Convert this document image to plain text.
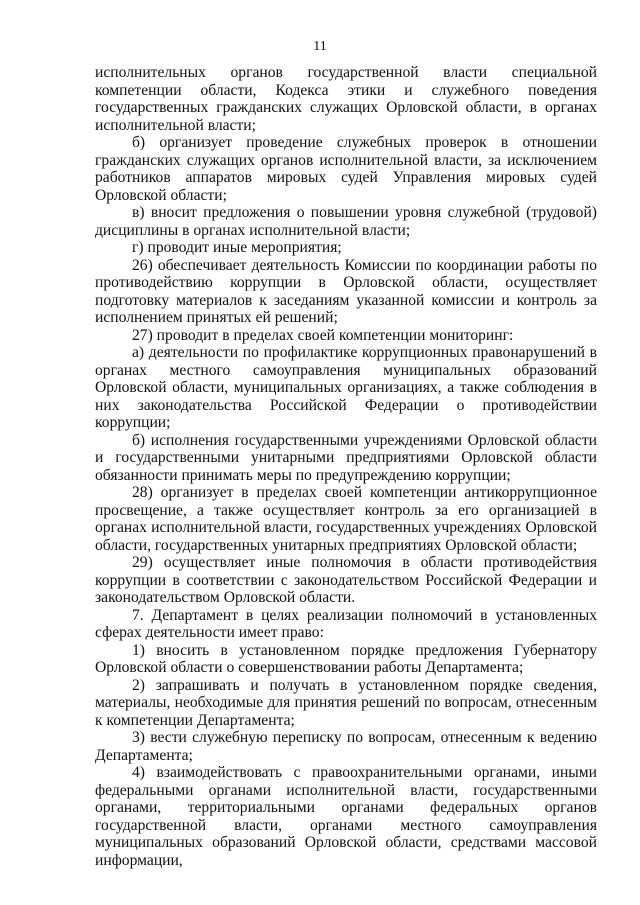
11

исполнительных органов государственной власти специальной компетенции области, Кодекса этики и служебного поведения государственных гражданских служащих Орловской области, в органах исполнительной власти;

б) организует проведение служебных проверок в отношении гражданских служащих органов исполнительной власти, за исключением работников аппаратов мировых судей Управления мировых судей Орловской области;

в) вносит предложения о повышении уровня служебной (трудовой) дисциплины в органах исполнительной власти;

г) проводит иные мероприятия;

26) обеспечивает деятельность Комиссии по координации работы по противодействию коррупции в Орловской области, осуществляет подготовку материалов к заседаниям указанной комиссии и контроль за исполнением принятых ей решений;

27) проводит в пределах своей компетенции мониторинг:

а) деятельности по профилактике коррупционных правонарушений в органах местного самоуправления муниципальных образований Орловской области, муниципальных организациях, а также соблюдения в них законодательства Российской Федерации о противодействии коррупции;

б) исполнения государственными учреждениями Орловской области и государственными унитарными предприятиями Орловской области обязанности принимать меры по предупреждению коррупции;

28) организует в пределах своей компетенции антикоррупционное просвещение, а также осуществляет контроль за его организацией в органах исполнительной власти, государственных учреждениях Орловской области, государственных унитарных предприятиях Орловской области;

29) осуществляет иные полномочия в области противодействия коррупции в соответствии с законодательством Российской Федерации и законодательством Орловской области.

7. Департамент в целях реализации полномочий в установленных сферах деятельности имеет право:

1) вносить в установленном порядке предложения Губернатору Орловской области о совершенствовании работы Департамента;

2) запрашивать и получать в установленном порядке сведения, материалы, необходимые для принятия решений по вопросам, отнесенным к компетенции Департамента;

3) вести служебную переписку по вопросам, отнесенным к ведению Департамента;

4) взаимодействовать с правоохранительными органами, иными федеральными органами исполнительной власти, государственными органами, территориальными органами федеральных органов государственной власти, органами местного самоуправления муниципальных образований Орловской области, средствами массовой информации,
